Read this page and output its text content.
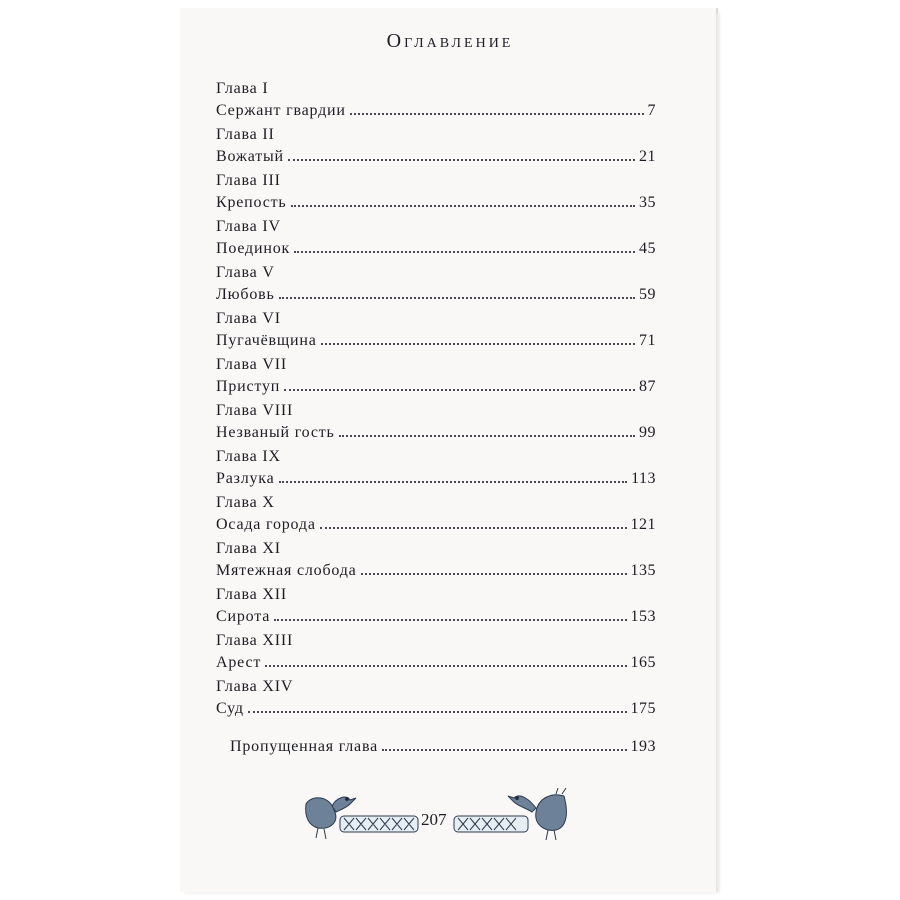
Оглавление
Глава I
Сержант гвардии	7
Глава II
Вожатый	21
Глава III
Крепость	35
Глава IV
Поединок	45
Глава V
Любовь	59
Глава VI
Пугачёвщина	71
Глава VII
Приступ	87
Глава VIII
Незваный гость	99
Глава IX
Разлука	113
Глава X
Осада города	121
Глава XI
Мятежная слобода	135
Глава XII
Сирота	153
Глава XIII
Арест	165
Глава XIV
Суд	175
Пропущенная глава	193
207
